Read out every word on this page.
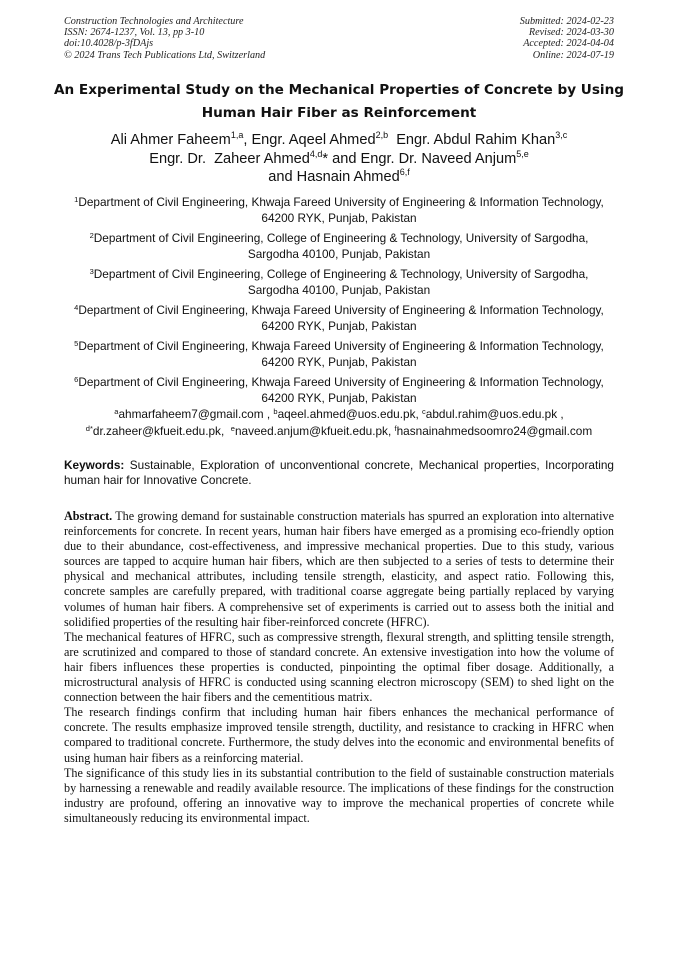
Construction Technologies and Architecture
ISSN: 2674-1237, Vol. 13, pp 3-10
doi:10.4028/p-3fDAjs
© 2024 Trans Tech Publications Ltd, Switzerland
Submitted: 2024-02-23
Revised: 2024-03-30
Accepted: 2024-04-04
Online: 2024-07-19
An Experimental Study on the Mechanical Properties of Concrete by Using
Human Hair Fiber as Reinforcement
Ali Ahmer Faheem$^{1,a}$, Engr. Aqeel Ahmed$^{2,b}$ Engr. Abdul Rahim Khan$^{3,c}$
Engr. Dr.  Zaheer Ahmed$^{4,d}$* and Engr. Dr. Naveed Anjum$^{5,e}$
and Hasnain Ahmed$^{6,f}$
$^1$Department of Civil Engineering, Khwaja Fareed University of Engineering & Information Technology, 64200 RYK, Punjab, Pakistan
$^2$Department of Civil Engineering, College of Engineering & Technology, University of Sargodha, Sargodha 40100, Punjab, Pakistan
$^3$Department of Civil Engineering, College of Engineering & Technology, University of Sargodha, Sargodha 40100, Punjab, Pakistan
$^4$Department of Civil Engineering, Khwaja Fareed University of Engineering & Information Technology, 64200 RYK, Punjab, Pakistan
$^5$Department of Civil Engineering, Khwaja Fareed University of Engineering & Information Technology, 64200 RYK, Punjab, Pakistan
$^6$Department of Civil Engineering, Khwaja Fareed University of Engineering & Information Technology, 64200 RYK, Punjab, Pakistan
$^a$ahmarfaheem7@gmail.com , $^b$aqeel.ahmed@uos.edu.pk, $^c$abdul.rahim@uos.edu.pk ,
$^{d*}$dr.zaheer@kfueit.edu.pk,  $^e$naveed.anjum@kfueit.edu.pk, $^f$hasnainahmedsoomro24@gmail.com
Keywords: Sustainable, Exploration of unconventional concrete, Mechanical properties, Incorporating human hair for Innovative Concrete.

Abstract. The growing demand for sustainable construction materials has spurred an exploration into alternative reinforcements for concrete. In recent years, human hair fibers have emerged as a promising eco-friendly option due to their abundance, cost-effectiveness, and impressive mechanical properties. Due to this study, various sources are tapped to acquire human hair fibers, which are then subjected to a series of tests to determine their physical and mechanical attributes, including tensile strength, elasticity, and aspect ratio. Following this, concrete samples are carefully prepared, with traditional coarse aggregate being partially replaced by varying volumes of human hair fibers. A comprehensive set of experiments is carried out to assess both the initial and solidified properties of the resulting hair fiber-reinforced concrete (HFRC).

The mechanical features of HFRC, such as compressive strength, flexural strength, and splitting tensile strength, are scrutinized and compared to those of standard concrete. An extensive investigation into how the volume of hair fibers influences these properties is conducted, pinpointing the optimal fiber dosage. Additionally, a microstructural analysis of HFRC is conducted using scanning electron microscopy (SEM) to shed light on the connection between the hair fibers and the cementitious matrix.

The research findings confirm that including human hair fibers enhances the mechanical performance of concrete. The results emphasize improved tensile strength, ductility, and resistance to cracking in HFRC when compared to traditional concrete. Furthermore, the study delves into the economic and environmental benefits of using human hair fibers as a reinforcing material.

The significance of this study lies in its substantial contribution to the field of sustainable construction materials by harnessing a renewable and readily available resource. The implications of these findings for the construction industry are profound, offering an innovative way to improve the mechanical properties of concrete while simultaneously reducing its environmental impact.
